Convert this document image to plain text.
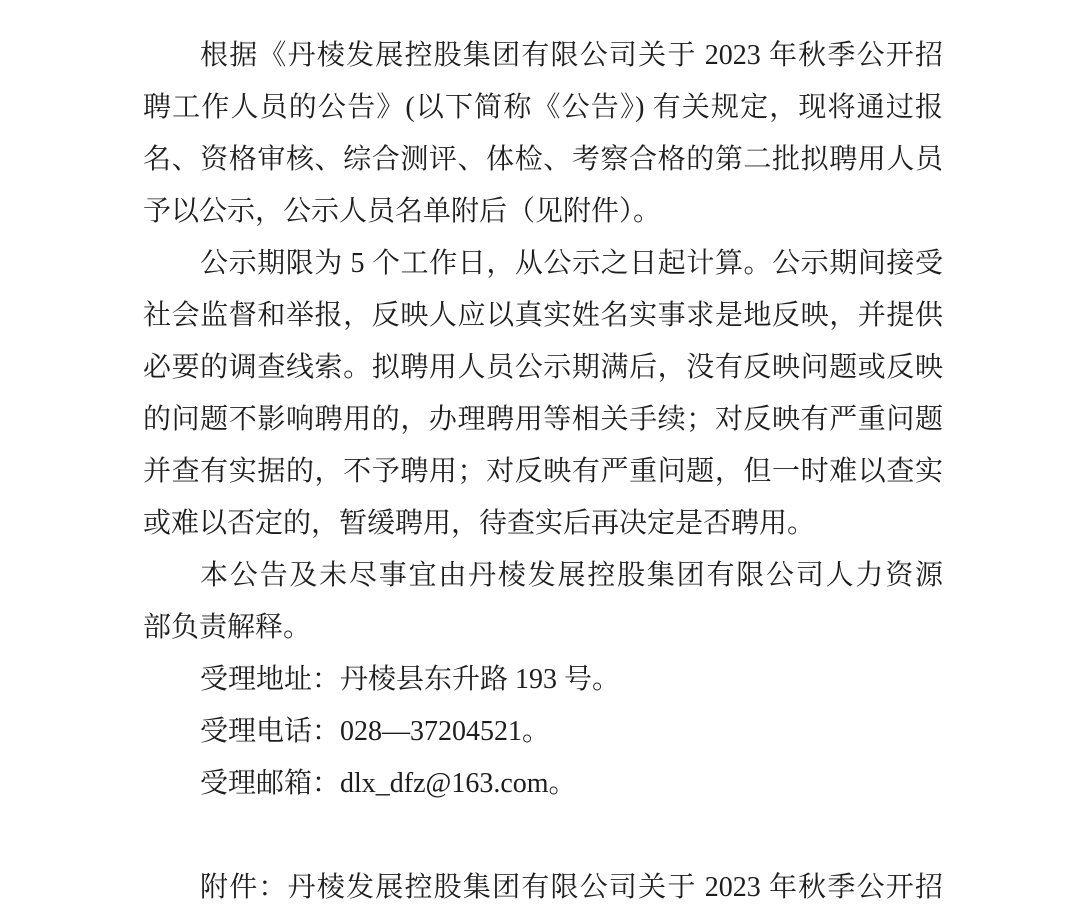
根据《丹棱发展控股集团有限公司关于 2023 年秋季公开招
聘工作人员的公告》(以下简称《公告》) 有关规定，现将通过报
名、资格审核、综合测评、体检、考察合格的第二批拟聘用人员
予以公示，公示人员名单附后（见附件）。
公示期限为 5 个工作日，从公示之日起计算。公示期间接受
社会监督和举报，反映人应以真实姓名实事求是地反映，并提供
必要的调查线索。拟聘用人员公示期满后，没有反映问题或反映
的问题不影响聘用的，办理聘用等相关手续；对反映有严重问题
并查有实据的，不予聘用；对反映有严重问题，但一时难以查实
或难以否定的，暂缓聘用，待查实后再决定是否聘用。
本公告及未尽事宜由丹棱发展控股集团有限公司人力资源
部负责解释。
受理地址：丹棱县东升路 193 号。
受理电话：028—37204521。
受理邮箱：dlx_dfz@163.com。
附件：丹棱发展控股集团有限公司关于 2023 年秋季公开招
